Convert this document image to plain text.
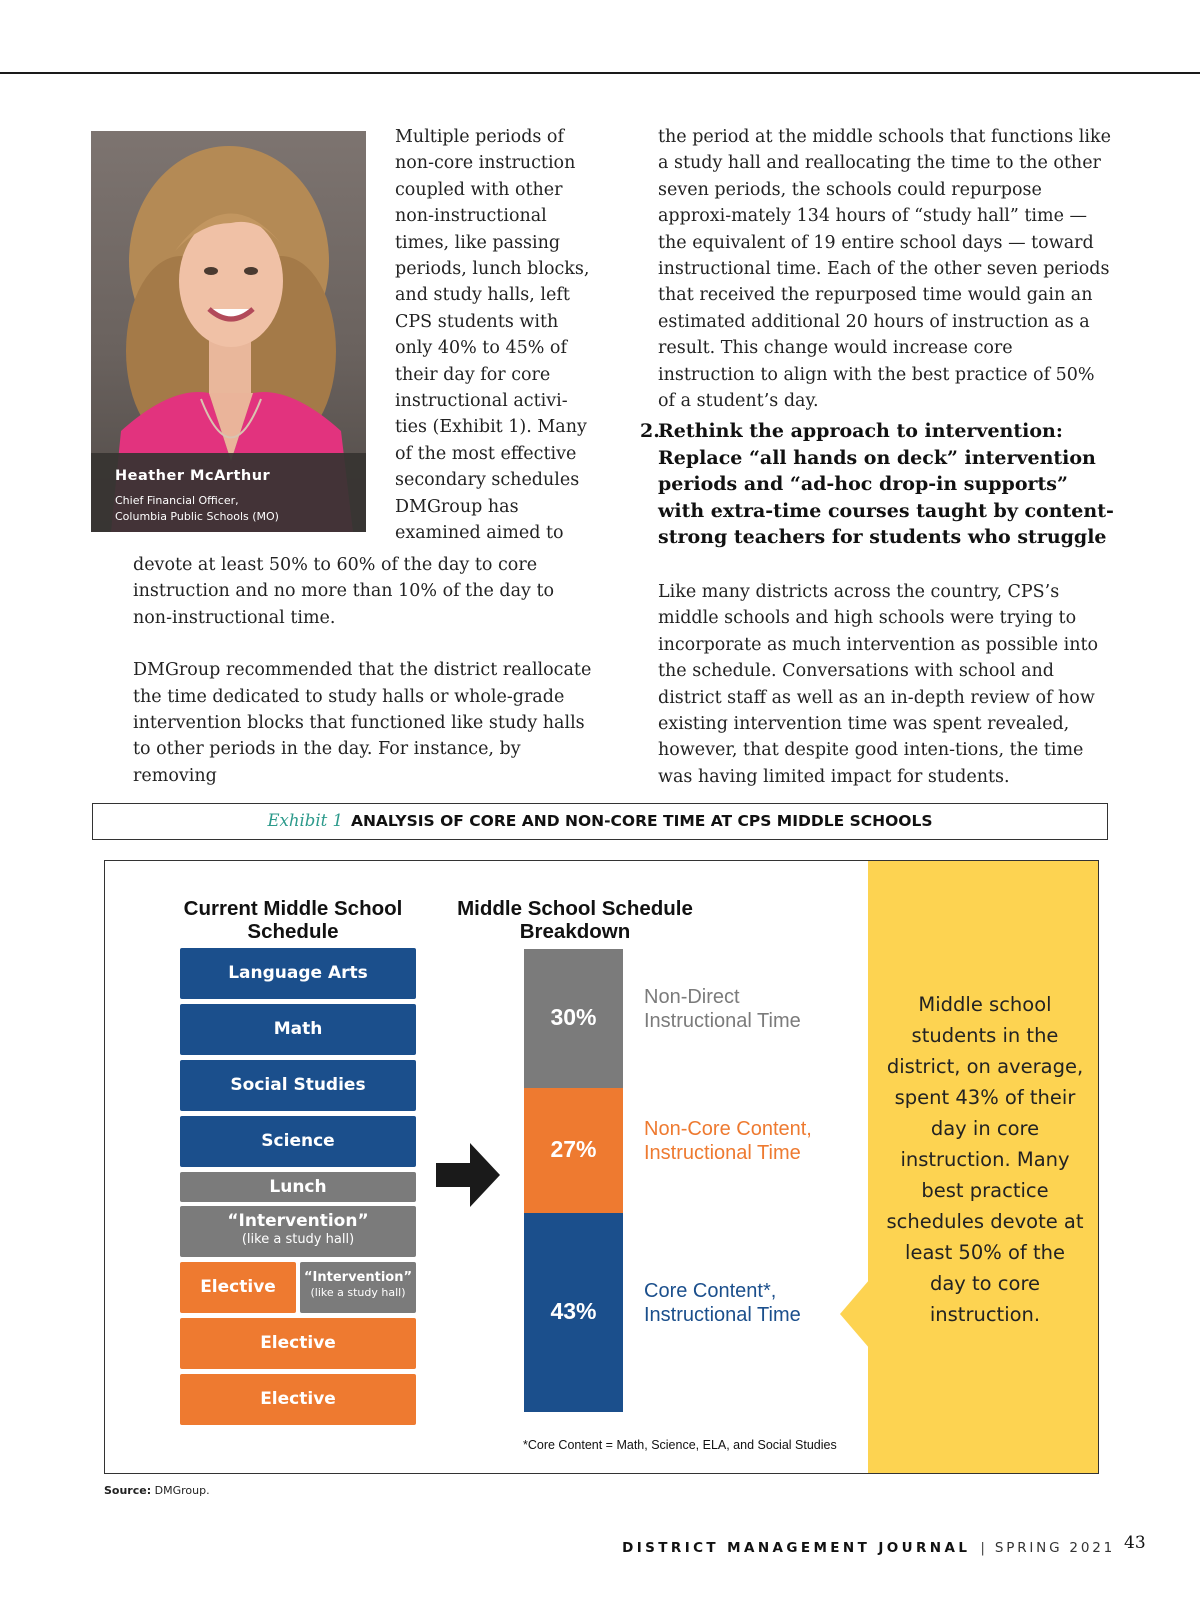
Heather McArthur
Chief Financial Officer,
Columbia Public Schools (MO)

Multiple periods of non-core instruction coupled with other non-instructional times, like passing periods, lunch blocks, and study halls, left CPS students with only 40% to 45% of their day for core instructional activi-ties (Exhibit 1). Many of the most effective secondary schedules DMGroup has examined aimed to

devote at least 50% to 60% of the day to core instruction and no more than 10% of the day to non-instructional time.

DMGroup recommended that the district reallocate the time dedicated to study halls or whole-grade intervention blocks that functioned like study halls to other periods in the day. For instance, by removing

the period at the middle schools that functions like a study hall and reallocating the time to the other seven periods, the schools could repurpose approxi-mately 134 hours of “study hall” time — the equivalent of 19 entire school days — toward instructional time. Each of the other seven periods that received the repurposed time would gain an estimated additional 20 hours of instruction as a result. This change would increase core instruction to align with the best practice of 50% of a student’s day.

2.
Rethink the approach to intervention: Replace “all hands on deck” intervention periods and “ad-hoc drop-in supports” with extra-time courses taught by content-strong teachers for students who struggle

Like many districts across the country, CPS’s middle schools and high schools were trying to incorporate as much intervention as possible into the schedule. Conversations with school and district staff as well as an in-depth review of how existing intervention time was spent revealed, however, that despite good inten-tions, the time was having limited impact for students.

Exhibit 1 ANALYSIS OF CORE AND NON-CORE TIME AT CPS MIDDLE SCHOOLS
Current Middle School Schedule
Middle School Schedule Breakdown
Language Arts
Math
Social Studies
Science
Lunch
“Intervention”
(like a study hall)
Elective	“Intervention”
(like a study hall)
Elective
Elective
*Core Content = Math, Science, ELA, and Social Studies
Middle school students in the district, on average, spent 43% of their day in core instruction. Many best practice schedules devote at least 50% of the day to core instruction.
30%
Non-Direct
Instructional Time
27%
Non-Core Content,
Instructional Time
43%
Core Content*,
Instructional Time
Source: DMGroup.
DISTRICT MANAGEMENT JOURNAL | SPRING 2021 43
